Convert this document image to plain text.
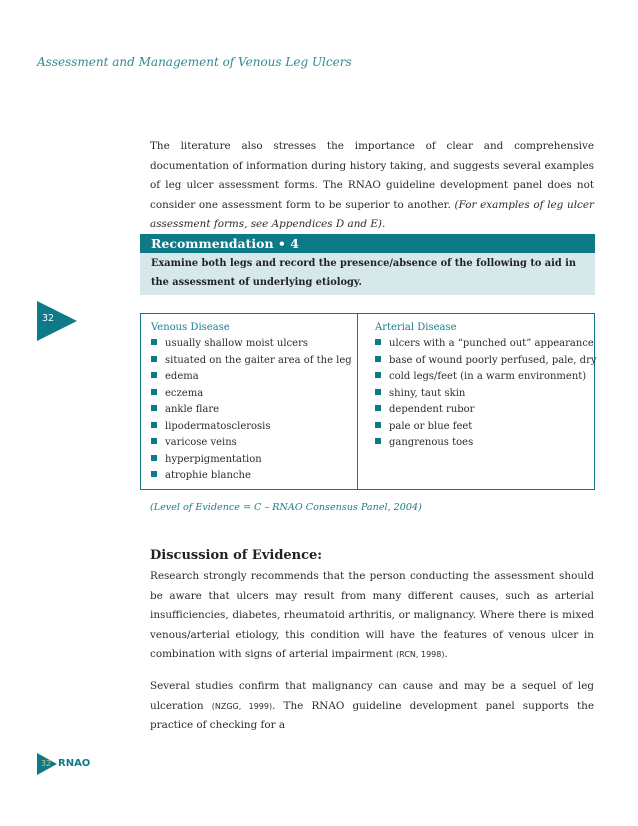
Assessment and Management of Venous Leg Ulcers
The literature also stresses the importance of clear and comprehensive documentation of information during history taking, and suggests several examples of leg ulcer assessment forms. The RNAO guideline development panel does not consider one assessment form to be superior to another. (For examples of leg ulcer assessment forms, see Appendices D and E).
Recommendation • 4
Examine both legs and record the presence/absence of the following to aid in the assessment of underlying etiology.
32
Venous Disease
usually shallow moist ulcers
situated on the gaiter area of the leg
edema
eczema
ankle flare
lipodermatosclerosis
varicose veins
hyperpigmentation
atrophie blanche
Arterial Disease
ulcers with a “punched out” appearance
base of wound poorly perfused, pale, dry
cold legs/feet (in a warm environment)
shiny, taut skin
dependent rubor
pale or blue feet
gangrenous toes
(Level of Evidence = C – RNAO Consensus Panel, 2004)
Discussion of Evidence:

Research strongly recommends that the person conducting the assessment should be aware that ulcers may result from many different causes, such as arterial insufficiencies, diabetes, rheumatoid arthritis, or malignancy. Where there is mixed venous/arterial etiology, this condition will have the features of venous ulcer in combination with signs of arterial impairment (RCN, 1998).

Several studies confirm that malignancy can cause and may be a sequel of leg ulceration (NZGG, 1999). The RNAO guideline development panel supports the practice of checking for a

32 RNAO
